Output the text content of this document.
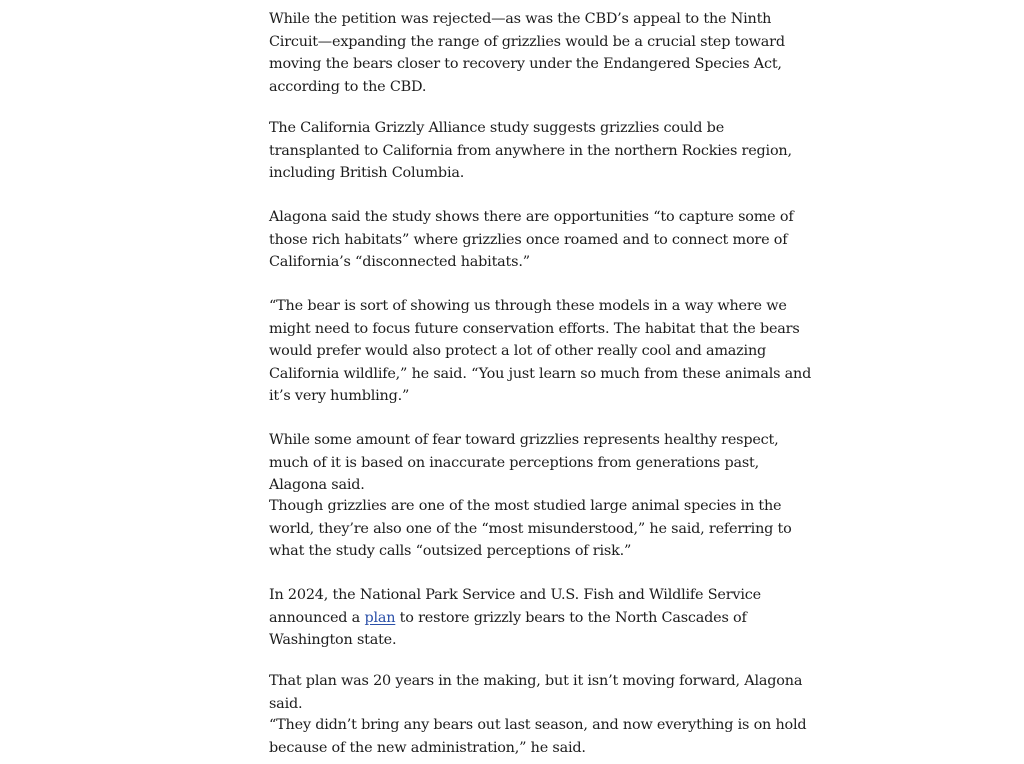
While the petition was rejected—as was the CBD’s appeal to the Ninth Circuit—expanding the range of grizzlies would be a crucial step toward moving the bears closer to recovery under the Endangered Species Act, according to the CBD.

The California Grizzly Alliance study suggests grizzlies could be transplanted to California from anywhere in the northern Rockies region, including British Columbia.

Alagona said the study shows there are opportunities “to capture some of those rich habitats” where grizzlies once roamed and to connect more of California’s “disconnected habitats.”

“The bear is sort of showing us through these models in a way where we might need to focus future conservation efforts. The habitat that the bears would prefer would also protect a lot of other really cool and amazing California wildlife,” he said. “You just learn so much from these animals and it’s very humbling.”

While some amount of fear toward grizzlies represents healthy respect, much of it is based on inaccurate perceptions from generations past, Alagona said.

Though grizzlies are one of the most studied large animal species in the world, they’re also one of the “most misunderstood,” he said, referring to what the study calls “outsized perceptions of risk.”

In 2024, the National Park Service and U.S. Fish and Wildlife Service announced a plan to restore grizzly bears to the North Cascades of Washington state.

That plan was 20 years in the making, but it isn’t moving forward, Alagona said.

“They didn’t bring any bears out last season, and now everything is on hold because of the new administration,” he said.
